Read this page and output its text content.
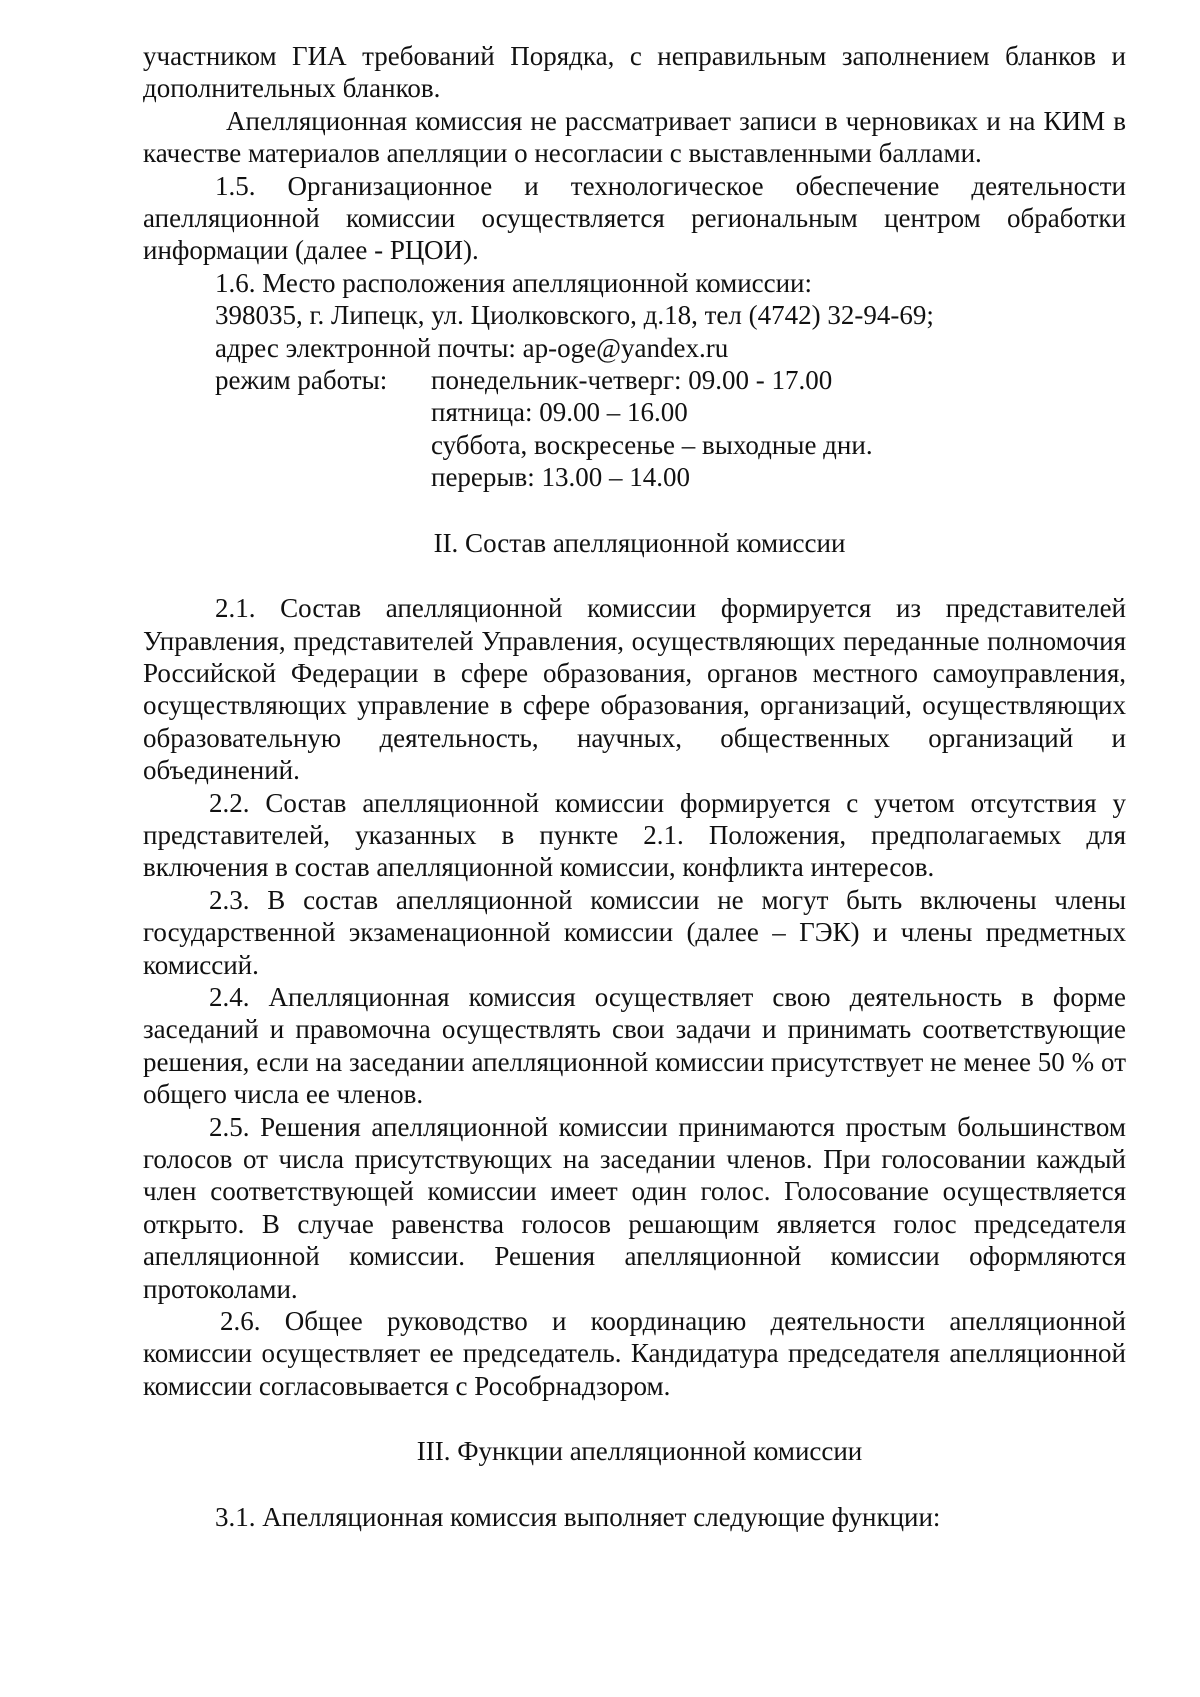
участником ГИА требований Порядка, с неправильным заполнением бланков и дополнительных бланков.

Апелляционная комиссия не рассматривает записи в черновиках и на КИМ в качестве материалов апелляции о несогласии с выставленными баллами.

1.5. Организационное и технологическое обеспечение деятельности апелляционной комиссии осуществляется региональным центром обработки информации (далее - РЦОИ).

1.6. Место расположения апелляционной комиссии:

398035, г. Липецк, ул. Циолковского, д.18, тел (4742) 32-94-69;

адрес электронной почты: ap-oge@yandex.ru

режим работы:	понедельник-четверг: 09.00 - 17.00
пятница: 09.00 – 16.00
суббота, воскресенье – выходные дни.
перерыв: 13.00 – 14.00

II. Состав апелляционной комиссии

2.1. Состав апелляционной комиссии формируется из представителей Управления, представителей Управления, осуществляющих переданные полномочия Российской Федерации в сфере образования, органов местного самоуправления, осуществляющих управление в сфере образования, организаций, осуществляющих образовательную деятельность, научных, общественных организаций и объединений.

2.2. Состав апелляционной комиссии формируется с учетом отсутствия у представителей, указанных в пункте 2.1. Положения, предполагаемых для включения в состав апелляционной комиссии, конфликта интересов.

2.3. В состав апелляционной комиссии не могут быть включены члены государственной экзаменационной комиссии (далее – ГЭК) и члены предметных комиссий.

2.4. Апелляционная комиссия осуществляет свою деятельность в форме заседаний и правомочна осуществлять свои задачи и принимать соответствующие решения, если на заседании апелляционной комиссии присутствует не менее 50 % от общего числа ее членов.

2.5. Решения апелляционной комиссии принимаются простым большинством голосов от числа присутствующих на заседании членов. При голосовании каждый член соответствующей комиссии имеет один голос. Голосование осуществляется открыто. В случае равенства голосов решающим является голос председателя апелляционной комиссии. Решения апелляционной комиссии оформляются протоколами.

2.6. Общее руководство и координацию деятельности апелляционной комиссии осуществляет ее председатель. Кандидатура председателя апелляционной комиссии согласовывается с Рособрнадзором.

III. Функции апелляционной комиссии

3.1. Апелляционная комиссия выполняет следующие функции:
